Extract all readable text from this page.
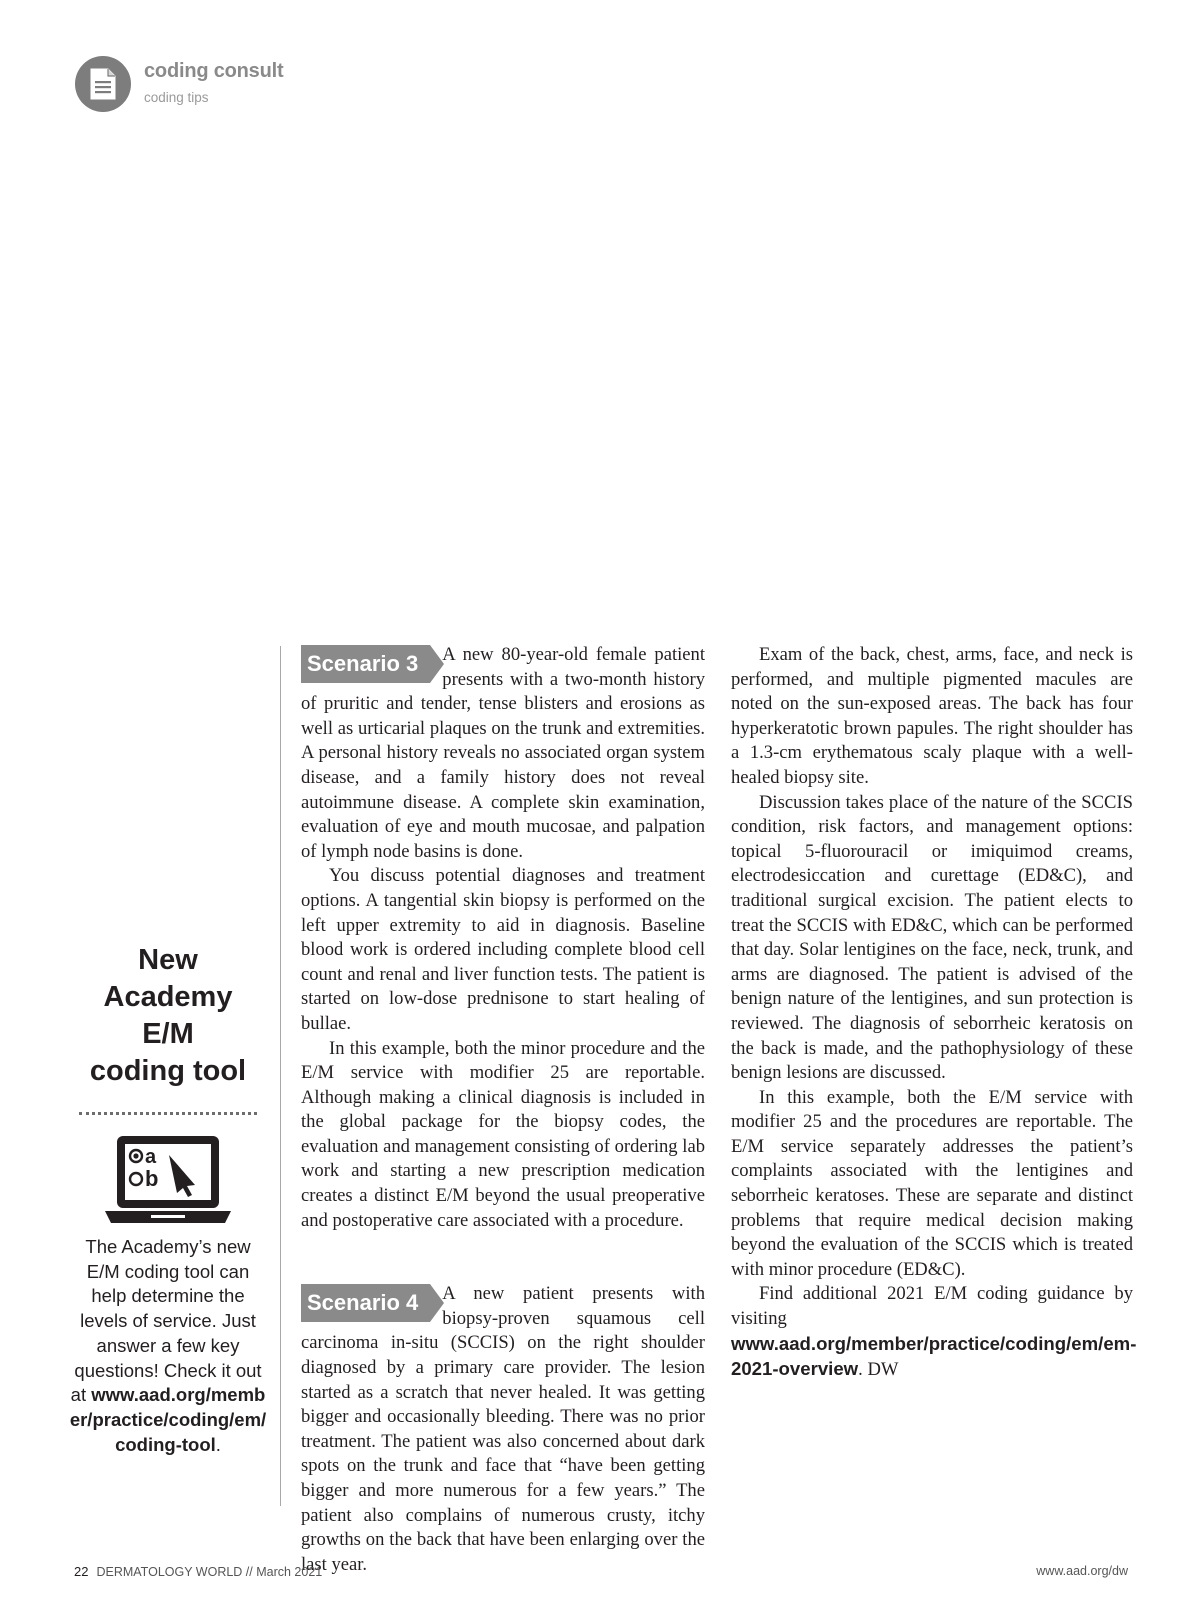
coding consult
coding tips
New
Academy
E/M
coding tool
a
b
The Academy’s new E/M coding tool can help determine the levels of service. Just answer a few key questions! Check it out at www.aad.org/member/practice/coding/em/coding-tool.

Scenario 3	A new 80-year-old female patient presents with a two-month history of pruritic and tender, tense blisters and erosions as well as urticarial plaques on the trunk and extremities. A personal history reveals no associated organ system disease, and a family history does not reveal autoimmune disease. A complete skin examination, evaluation of eye and mouth mucosae, and palpation of lymph node basins is done.

You discuss potential diagnoses and treatment options. A tangential skin biopsy is performed on the left upper extremity to aid in diagnosis. Baseline blood work is ordered including complete blood cell count and renal and liver function tests. The patient is started on low-dose prednisone to start healing of bullae.

In this example, both the minor procedure and the E/M service with modifier 25 are reportable. Although making a clinical diagnosis is included in the global package for the biopsy codes, the evaluation and management consisting of ordering lab work and starting a new prescription medication creates a distinct E/M beyond the usual preoperative and postoperative care associated with a procedure.

Scenario 4	A new patient presents with biopsy-proven squamous cell carcinoma in-situ (SCCIS) on the right shoulder diagnosed by a primary care provider. The lesion started as a scratch that never healed. It was getting bigger and occasionally bleeding. There was no prior treatment. The patient was also concerned about dark spots on the trunk and face that “have been getting bigger and more numerous for a few years.” The patient also complains of numerous crusty, itchy growths on the back that have been enlarging over the last year.

Exam of the back, chest, arms, face, and neck is performed, and multiple pigmented macules are noted on the sun-exposed areas. The back has four hyperkeratotic brown papules. The right shoulder has a 1.3-cm erythematous scaly plaque with a well-healed biopsy site.

Discussion takes place of the nature of the SCCIS condition, risk factors, and management options: topical 5-fluorouracil or imiquimod creams, electrodesiccation and curettage (ED&C), and traditional surgical excision. The patient elects to treat the SCCIS with ED&C, which can be performed that day. Solar lentigines on the face, neck, trunk, and arms are diagnosed. The patient is advised of the benign nature of the lentigines, and sun protection is reviewed. The diagnosis of seborrheic keratosis on the back is made, and the pathophysiology of these benign lesions are discussed.

In this example, both the E/M service with modifier 25 and the procedures are reportable. The E/M service separately addresses the patient’s complaints associated with the lentigines and seborrheic keratoses. These are separate and distinct problems that require medical decision making beyond the evaluation of the SCCIS which is treated with minor procedure (ED&C).

Find additional 2021 E/M coding guidance by visiting www.aad.org/member/practice/coding/em/em-2021-overview. DW

22 DERMATOLOGY WORLD // March 2021	www.aad.org/dw
